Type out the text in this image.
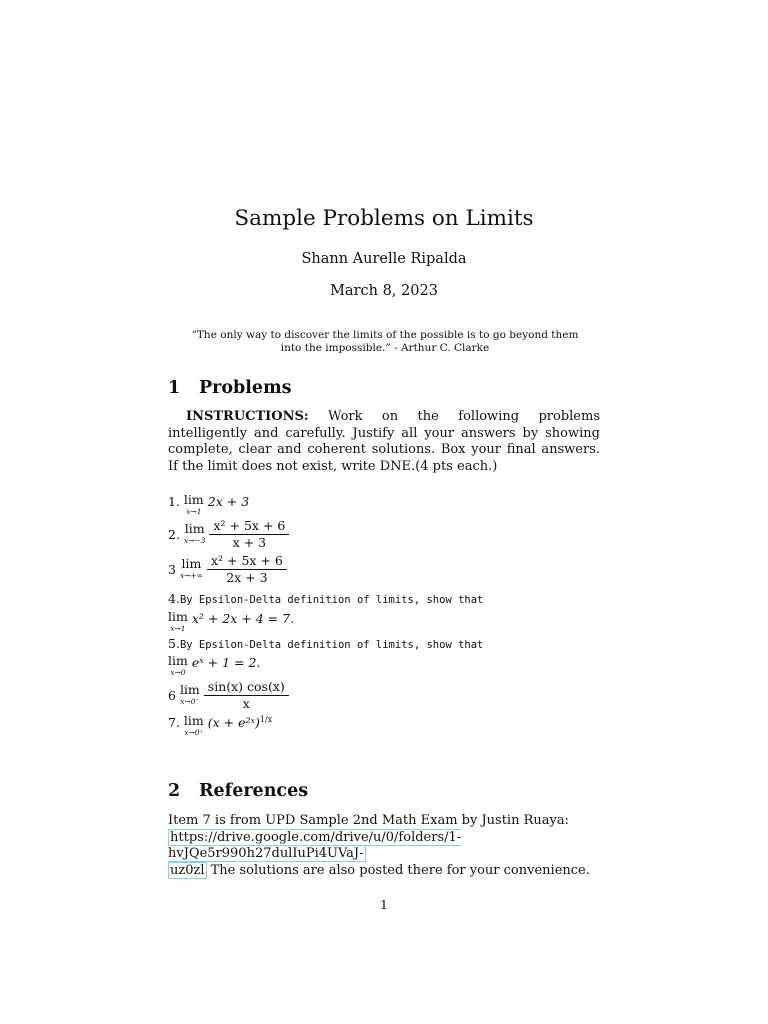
Sample Problems on Limits
Shann Aurelle Ripalda
March 8, 2023
”The only way to discover the limits of the possible is to go beyond them into the impossible.” - Arthur C. Clarke
1 Problems
INSTRUCTIONS: Work on the following problems intelligently and carefully. Justify all your answers by showing complete, clear and coherent solutions. Box your final answers. If the limit does not exist, write DNE.(4 pts each.)
1. lim
x→1
2x + 3
2. lim
x→−3
$\frac{\text{x² + 5x + 6}}{x + 3}$
3 lim
x→+∞
$\frac{\text{x² + 5x + 6}}{2x + 3}$
4.By Epsilon-Delta definition of limits, show that
lim
x→1
x² + 2x + 4 = 7.
5.By Epsilon-Delta definition of limits, show that
lim
x→0
eˣ + 1 = 2.
6 lim
x→0⁻
$\frac{\sin(x) \cos(x)}{x}$
7. lim
x→0⁺
(x + e²ˣ)$^{1/x}$
2 References
Item 7 is from UPD Sample 2nd Math Exam by Justin Ruaya:
https://drive.google.com/drive/u/0/folders/1-hvJQe5r990h27dulIuPi4UVaJ-
uz0zl The solutions are also posted there for your convenience.
1
